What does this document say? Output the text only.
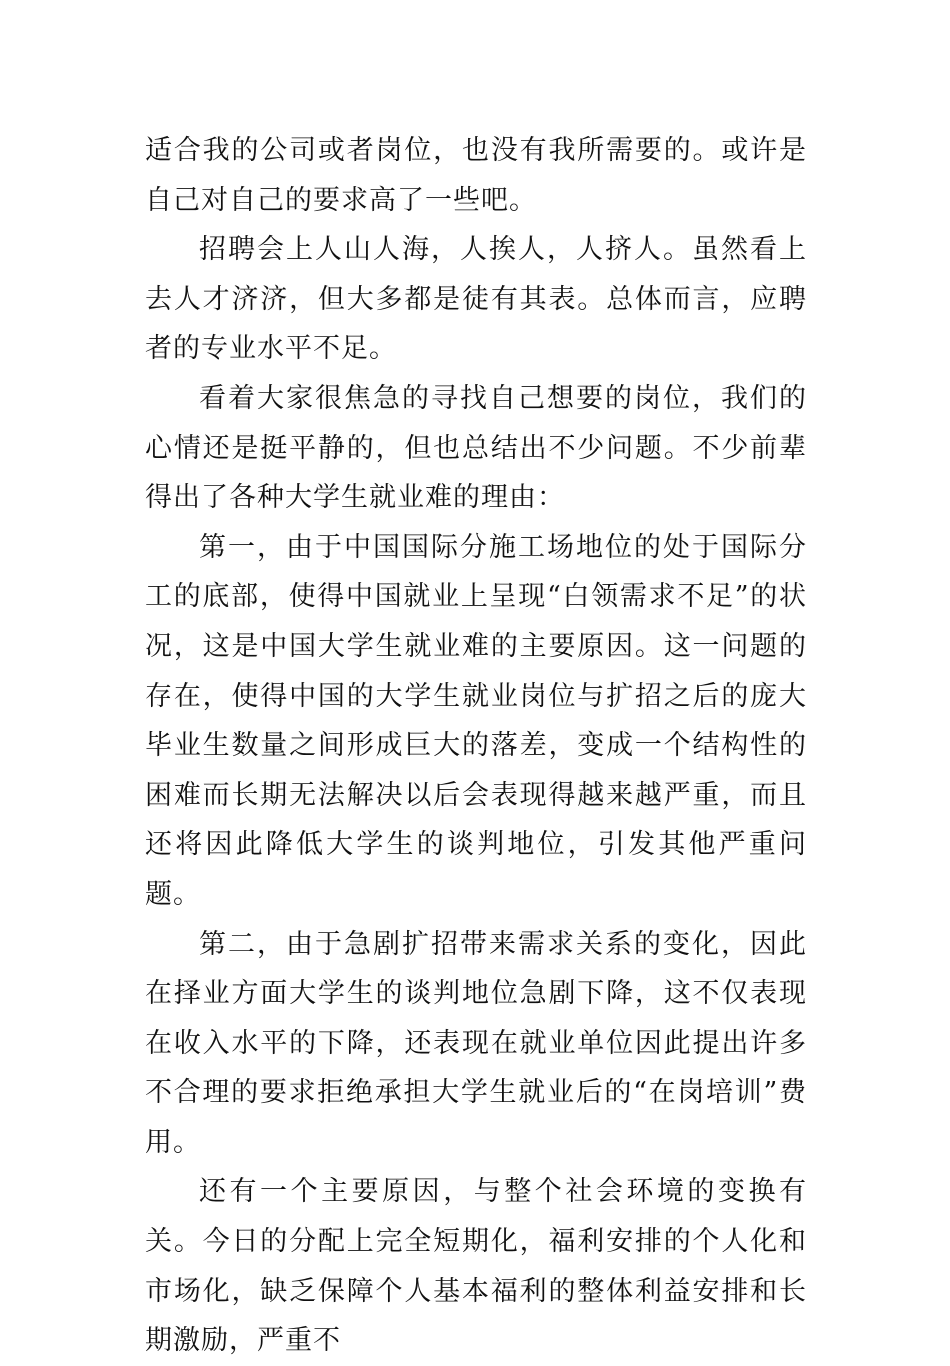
适合我的公司或者岗位，也没有我所需要的。或许是自己对自己的要求高了一些吧。

招聘会上人山人海，人挨人，人挤人。虽然看上去人才济济，但大多都是徒有其表。总体而言，应聘者的专业水平不足。

看着大家很焦急的寻找自己想要的岗位，我们的心情还是挺平静的，但也总结出不少问题。不少前辈得出了各种大学生就业难的理由：

第一，由于中国国际分施工场地位的处于国际分工的底部，使得中国就业上呈现“白领需求不足”的状况，这是中国大学生就业难的主要原因。这一问题的存在，使得中国的大学生就业岗位与扩招之后的庞大毕业生数量之间形成巨大的落差，变成一个结构性的困难而长期无法解决以后会表现得越来越严重，而且还将因此降低大学生的谈判地位，引发其他严重问题。

第二，由于急剧扩招带来需求关系的变化，因此在择业方面大学生的谈判地位急剧下降，这不仅表现在收入水平的下降，还表现在就业单位因此提出许多不合理的要求拒绝承担大学生就业后的“在岗培训”费用。

还有一个主要原因，与整个社会环境的变换有关。今日的分配上完全短期化，福利安排的个人化和市场化，缺乏保障个人基本福利的整体利益安排和长期激励，严重不
